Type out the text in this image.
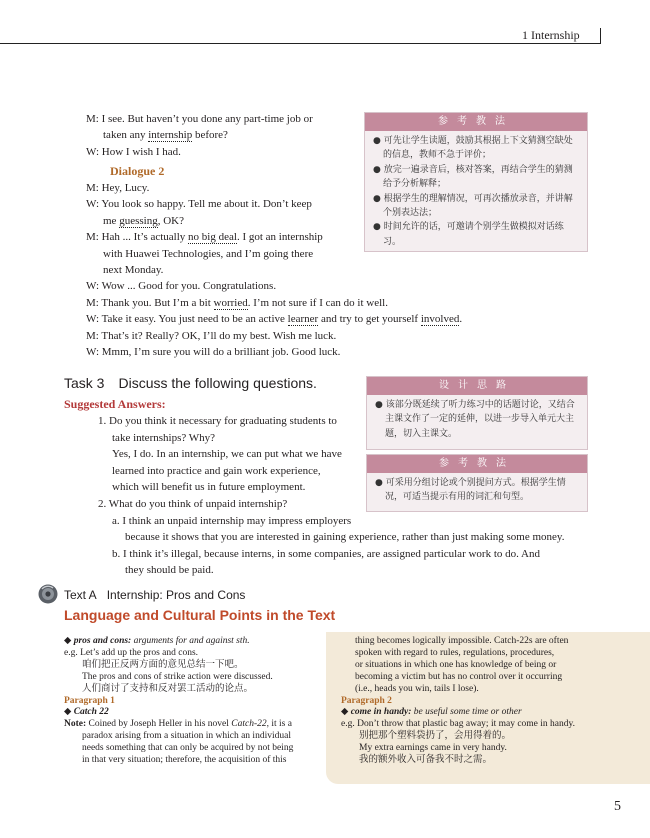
1 Internship
M: I see. But haven’t you done any part-time job or
taken any internship before?
W: How I wish I had.
Dialogue 2
M: Hey, Lucy.
W: You look so happy. Tell me about it. Don’t keep
me guessing, OK?
M: Hah ... It’s actually no big deal. I got an internship
with Huawei Technologies, and I’m going there
next Monday.
W: Wow ... Good for you. Congratulations.
M: Thank you. But I’m a bit worried. I’m not sure if I can do it well.
W: Take it easy. You just need to be an active learner and try to get yourself involved.
M: That’s it? Really? OK, I’ll do my best. Wish me luck.
W: Mmm, I’m sure you will do a brilliant job. Good luck.
参考教法

● 可先让学生读题，鼓励其根据上下文猜测空缺处的信息，教师不急于评价；

● 放完一遍录音后，核对答案，再结合学生的猜测给予分析解释；

● 根据学生的理解情况，可再次播放录音，并讲解个别表达法；

● 时间允许的话，可邀请个别学生做模拟对话练习。

Task 3 Discuss the following questions.
Suggested Answers:
1. Do you think it necessary for graduating students to
take internships? Why?
Yes, I do. In an internship, we can put what we have
learned into practice and gain work experience,
which will benefit us in future employment.
2. What do you think of unpaid internship?
a. I think an unpaid internship may impress employers
because it shows that you are interested in gaining experience, rather than just making some money.
b. I think it’s illegal, because interns, in some companies, are assigned particular work to do. And
they should be paid.
设计思路

● 该部分既延续了听力练习中的话题讨论，又结合主课文作了一定的延伸，以进一步导入单元大主题，切入主课文。

参考教法

● 可采用分组讨论或个别提问方式。根据学生情况，可适当提示有用的词汇和句型。

Text A Internship: Pros and Cons
Language and Cultural Points in the Text
◆ pros and cons: arguments for and against sth.
e.g. Let’s add up the pros and cons.
咱们把正反两方面的意见总结一下吧。
The pros and cons of strike action were discussed.
人们商讨了支持和反对罢工活动的论点。
Paragraph 1
◆ Catch 22
Note: Coined by Joseph Heller in his novel Catch-22, it is a
paradox arising from a situation in which an individual
needs something that can only be acquired by not being
in that very situation; therefore, the acquisition of this
thing becomes logically impossible. Catch-22s are often
spoken with regard to rules, regulations, procedures,
or situations in which one has knowledge of being or
becoming a victim but has no control over it occurring
(i.e., heads you win, tails I lose).
Paragraph 2
◆ come in handy: be useful some time or other
e.g. Don’t throw that plastic bag away; it may come in handy.
别把那个塑料袋扔了，会用得着的。
My extra earnings came in very handy.
我的额外收入可备我不时之需。
5
